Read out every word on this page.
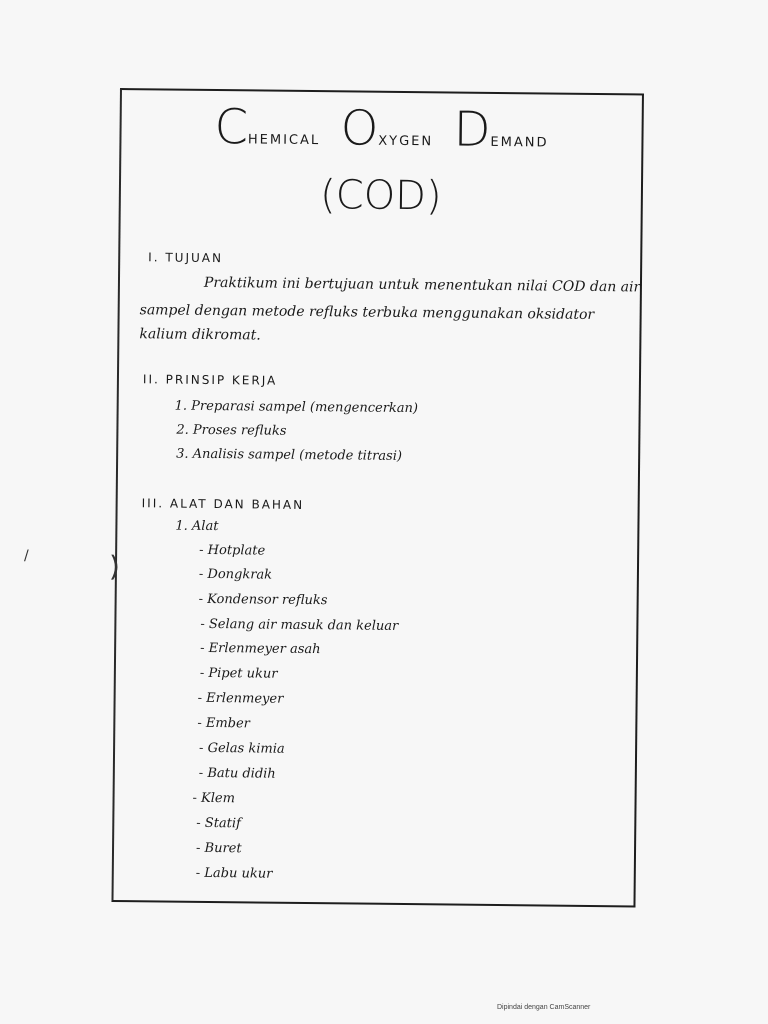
/
CHEMICAL OXYGEN DEMAND
(COD)
I. TUJUAN
Praktikum ini bertujuan untuk menentukan nilai COD dan air
sampel dengan metode refluks terbuka menggunakan oksidator
kalium dikromat.
II. PRINSIP KERJA
1. Preparasi sampel (mengencerkan)
2. Proses refluks
3. Analisis sampel (metode titrasi)
III. ALAT DAN BAHAN
1. Alat
- Hotplate
- Dongkrak
- Kondensor refluks
- Selang air masuk dan keluar
- Erlenmeyer asah
- Pipet ukur
- Erlenmeyer
- Ember
- Gelas kimia
- Batu didih
- Klem
- Statif
- Buret
- Labu ukur
)
Dipindai dengan CamScanner
